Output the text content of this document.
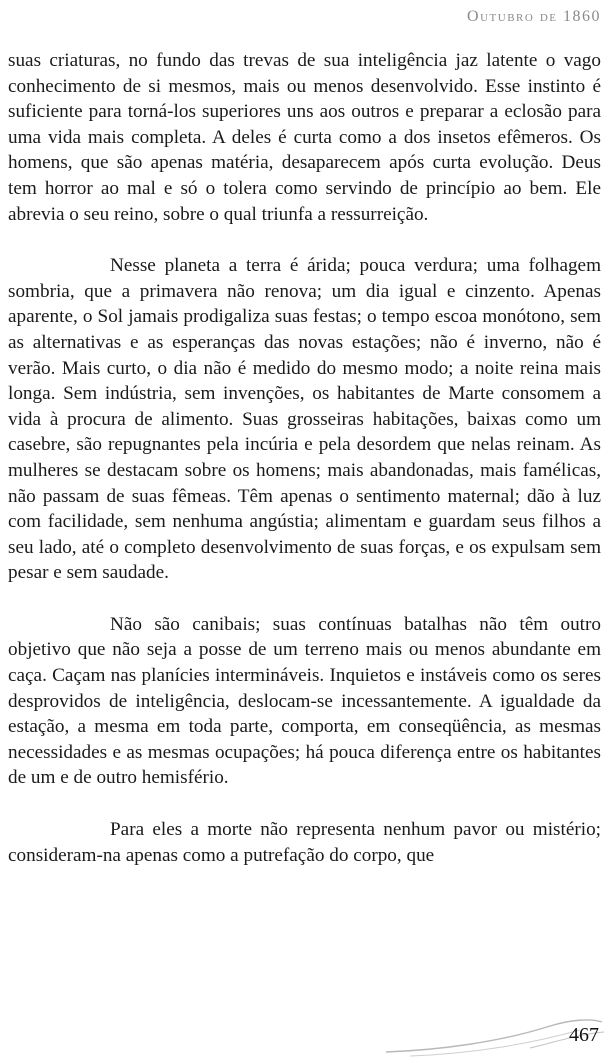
Outubro de 1860

suas criaturas, no fundo das trevas de sua inteligência jaz latente o vago conhecimento de si mesmos, mais ou menos desenvolvido. Esse instinto é suficiente para torná-los superiores uns aos outros e preparar a eclosão para uma vida mais completa. A deles é curta como a dos insetos efêmeros. Os homens, que são apenas matéria, desaparecem após curta evolução. Deus tem horror ao mal e só o tolera como servindo de princípio ao bem. Ele abrevia o seu reino, sobre o qual triunfa a ressurreição.

Nesse planeta a terra é árida; pouca verdura; uma folhagem sombria, que a primavera não renova; um dia igual e cinzento. Apenas aparente, o Sol jamais prodigaliza suas festas; o tempo escoa monótono, sem as alternativas e as esperanças das novas estações; não é inverno, não é verão. Mais curto, o dia não é medido do mesmo modo; a noite reina mais longa. Sem indústria, sem invenções, os habitantes de Marte consomem a vida à procura de alimento. Suas grosseiras habitações, baixas como um casebre, são repugnantes pela incúria e pela desordem que nelas reinam. As mulheres se destacam sobre os homens; mais abandonadas, mais famélicas, não passam de suas fêmeas. Têm apenas o sentimento maternal; dão à luz com facilidade, sem nenhuma angústia; alimentam e guardam seus filhos a seu lado, até o completo desenvolvimento de suas forças, e os expulsam sem pesar e sem saudade.

Não são canibais; suas contínuas batalhas não têm outro objetivo que não seja a posse de um terreno mais ou menos abundante em caça. Caçam nas planícies intermináveis. Inquietos e instáveis como os seres desprovidos de inteligência, deslocam-se incessantemente. A igualdade da estação, a mesma em toda parte, comporta, em conseqüência, as mesmas necessidades e as mesmas ocupações; há pouca diferença entre os habitantes de um e de outro hemisfério.

Para eles a morte não representa nenhum pavor ou mistério; consideram-na apenas como a putrefação do corpo, que

467
